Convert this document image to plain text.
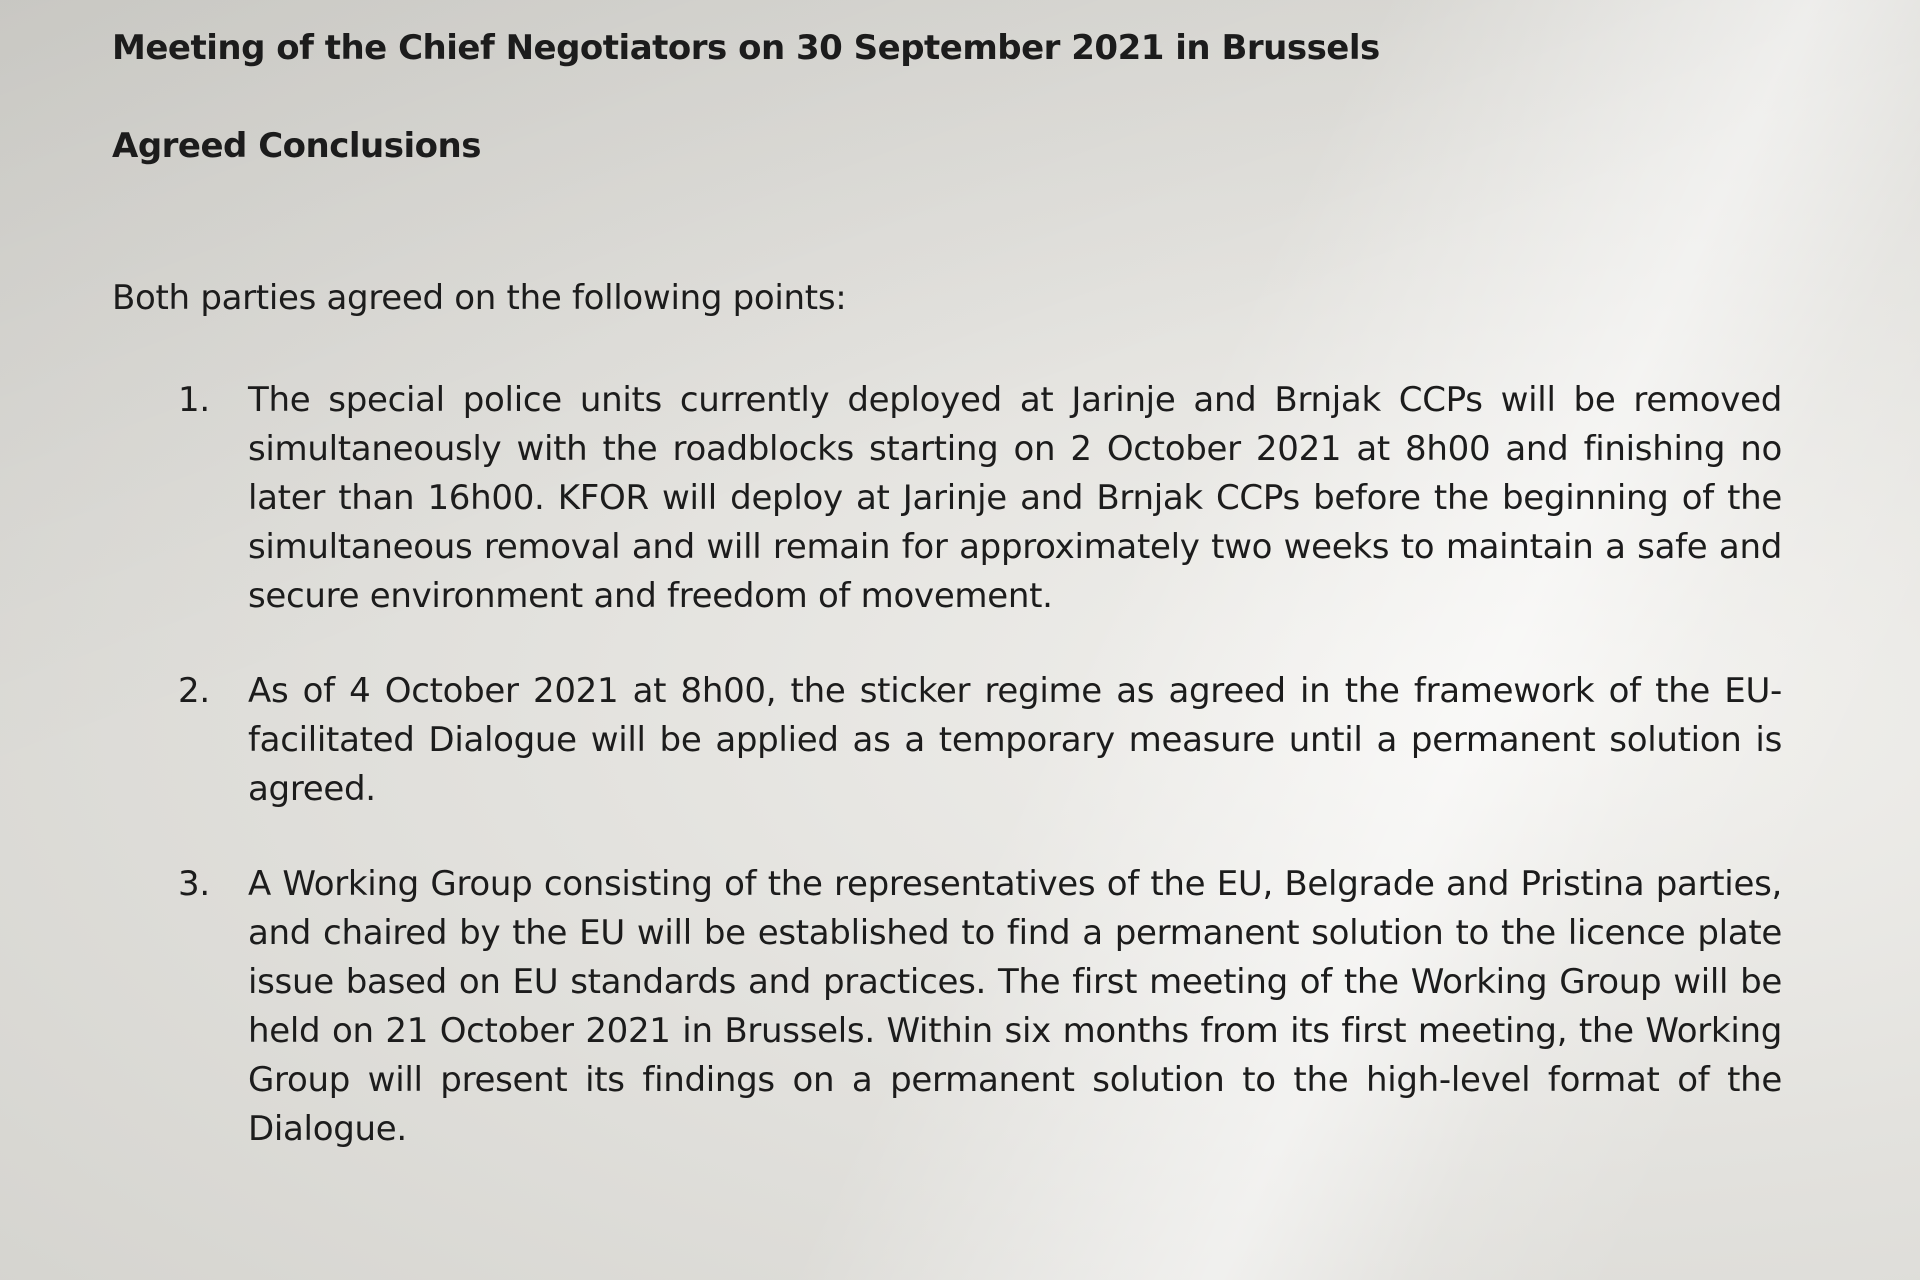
Meeting of the Chief Negotiators on 30 September 2021 in Brussels
Agreed Conclusions
Both parties agreed on the following points:
1. The special police units currently deployed at Jarinje and Brnjak CCPs will be removed simultaneously with the roadblocks starting on 2 October 2021 at 8h00 and finishing no later than 16h00. KFOR will deploy at Jarinje and Brnjak CCPs before the beginning of the simultaneous removal and will remain for approximately two weeks to maintain a safe and secure environment and freedom of movement.
2. As of 4 October 2021 at 8h00, the sticker regime as agreed in the framework of the EU-facilitated Dialogue will be applied as a temporary measure until a permanent solution is agreed.
3. A Working Group consisting of the representatives of the EU, Belgrade and Pristina parties, and chaired by the EU will be established to find a permanent solution to the licence plate issue based on EU standards and practices. The first meeting of the Working Group will be held on 21 October 2021 in Brussels. Within six months from its first meeting, the Working Group will present its findings on a permanent solution to the high-level format of the Dialogue.
